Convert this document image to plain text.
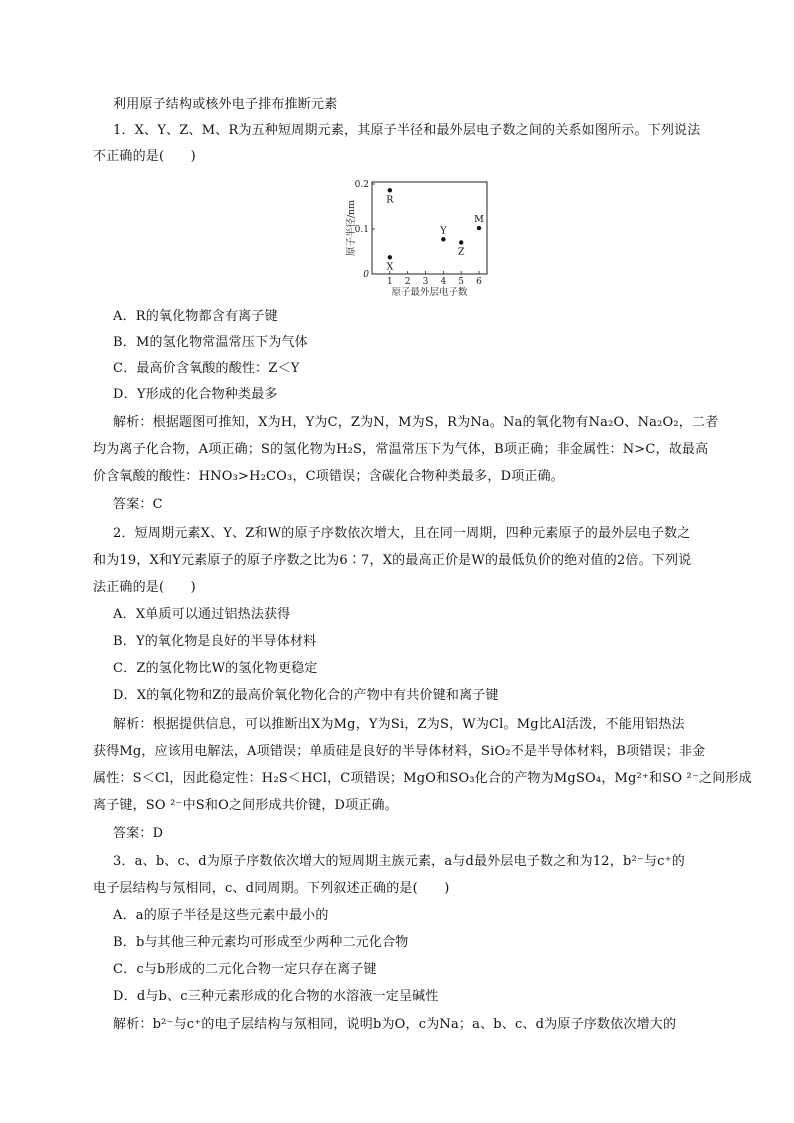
利用原子结构或核外电子排布推断元素
1．X、Y、Z、M、R为五种短周期元素，其原子半径和最外层电子数之间的关系如图所示。下列说法
不正确的是(　　)
1 2 3 4 5 6
0
0.1
0.2
原子最外层电子数
原子半径/nm
X
R
Y
Z
M
A．R的氧化物都含有离子键
B．M的氢化物常温常压下为气体
C．最高价含氧酸的酸性：Z＜Y
D．Y形成的化合物种类最多
解析：根据题图可推知，X为H，Y为C，Z为N，M为S，R为Na。Na的氧化物有Na₂O、Na₂O₂，二者
均为离子化合物，A项正确；S的氢化物为H₂S，常温常压下为气体，B项正确；非金属性：N>C，故最高
价含氧酸的酸性：HNO₃>H₂CO₃，C项错误；含碳化合物种类最多，D项正确。
答案：C
2．短周期元素X、Y、Z和W的原子序数依次增大，且在同一周期，四种元素原子的最外层电子数之
和为19，X和Y元素原子的原子序数之比为6∶7，X的最高正价是W的最低负价的绝对值的2倍。下列说
法正确的是(　　)
A．X单质可以通过铝热法获得
B．Y的氧化物是良好的半导体材料
C．Z的氢化物比W的氢化物更稳定
D．X的氧化物和Z的最高价氧化物化合的产物中有共价键和离子键
解析：根据提供信息，可以推断出X为Mg，Y为Si，Z为S，W为Cl。Mg比Al活泼，不能用铝热法
获得Mg，应该用电解法，A项错误；单质硅是良好的半导体材料，SiO₂不是半导体材料，B项错误；非金
属性：S＜Cl，因此稳定性：H₂S＜HCl，C项错误；MgO和SO₃化合的产物为MgSO₄，Mg²⁺和SO ²⁻之间形成
离子键，SO ²⁻中S和O之间形成共价键，D项正确。
答案：D
3．a、b、c、d为原子序数依次增大的短周期主族元素，a与d最外层电子数之和为12，b²⁻与c⁺的
电子层结构与氖相同，c、d同周期。下列叙述正确的是(　　)
A．a的原子半径是这些元素中最小的
B．b与其他三种元素均可形成至少两种二元化合物
C．c与b形成的二元化合物一定只存在离子键
D．d与b、c三种元素形成的化合物的水溶液一定呈碱性
解析：b²⁻与c⁺的电子层结构与氖相同，说明b为O，c为Na；a、b、c、d为原子序数依次增大的
